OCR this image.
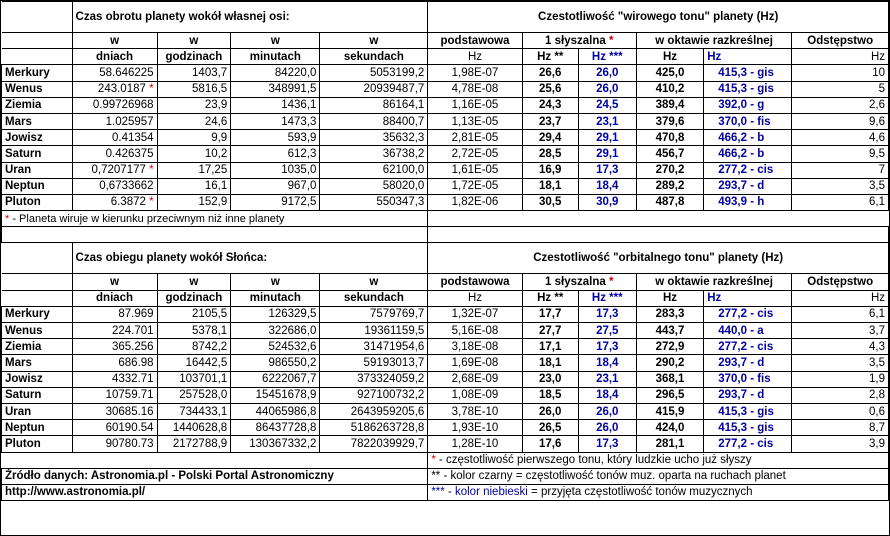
	Czas obrotu planety wokół własnej osi:				Czestotliwość "wirowego tonu" planety (Hz)					
	w	w	w	w	podstawowa	1 słyszalna *		w oktawie razkreślnej		Odstępstwo
	dniach	godzinach	minutach	sekundach	Hz	Hz **	Hz ***	Hz	Hz	Hz
Merkury	58.646225	1403,7	84220,0	5053199,2	1,98E-07	26,6	26,0	425,0	415,3 - gis	10
Wenus	243.0187 *	5816,5	348991,5	20939487,7	4,78E-08	25,6	26,0	410,2	415,3 - gis	5
Ziemia	0.99726968	23,9	1436,1	86164,1	1,16E-05	24,3	24,5	389,4	392,0 - g	2,6
Mars	1.025957	24,6	1473,3	88400,7	1,13E-05	23,7	23,1	379,6	370,0 - fis	9,6
Jowisz	0.41354	9,9	593,9	35632,3	2,81E-05	29,4	29,1	470,8	466,2 - b	4,6
Saturn	0.426375	10,2	612,3	36738,2	2,72E-05	28,5	29,1	456,7	466,2 - b	9,5
Uran	0,7207177 *	17,25	1035,0	62100,0	1,61E-05	16,9	17,3	270,2	277,2 - cis	7
Neptun	0,6733662	16,1	967,0	58020,0	1,72E-05	18,1	18,4	289,2	293,7 - d	3,5
Pluton	6.3872 *	152,9	9172,5	550347,3	1,82E-06	30,5	30,9	487,8	493,9 - h	6,1
* - Planeta wiruje w kierunku przeciwnym niż inne planety										

	Czas obiegu planety wokół Słońca:				Czestotliwość "orbitalnego tonu" planety (Hz)					
	w	w	w	w	podstawowa	1 słyszalna *		w oktawie razkreślnej		Odstępstwo
	dniach	godzinach	minutach	sekundach	Hz	Hz **	Hz ***	Hz	Hz	Hz
Merkury	87.969	2105,5	126329,5	7579769,7	1,32E-07	17,7	17,3	283,3	277,2 - cis	6,1
Wenus	224.701	5378,1	322686,0	19361159,5	5,16E-08	27,7	27,5	443,7	440,0 - a	3,7
Ziemia	365.256	8742,2	524532,6	31471954,6	3,18E-08	17,1	17,3	272,9	277,2 - cis	4,3
Mars	686.98	16442,5	986550,2	59193013,7	1,69E-08	18,1	18,4	290,2	293,7 - d	3,5
Jowisz	4332.71	103701,1	6222067,7	373324059,2	2,68E-09	23,0	23,1	368,1	370,0 - fis	1,9
Saturn	10759.71	257528,0	15451678,9	927100732,2	1,08E-09	18,5	18,4	296,5	293,7 - d	2,8
Uran	30685.16	734433,1	44065986,8	2643959205,6	3,78E-10	26,0	26,0	415,9	415,3 - gis	0,6
Neptun	60190.54	1440628,8	86437728,8	5186263728,8	1,93E-10	26,5	26,0	424,0	415,3 - gis	8,7
Pluton	90780.73	2172788,9	130367332,2	7822039929,7	1,28E-10	17,6	17,3	281,1	277,2 - cis	3,9
					* - częstotliwość pierwszego tonu, który ludzkie ucho już słyszy					
Źródło danych: Astronomia.pl - Polski Portal Astronomiczny					** - kolor czarny = częstotliwość tonów muz. oparta na ruchach planet					
http://www.astronomia.pl/					*** - kolor niebieski = przyjęta częstotliwość tonów muzycznych					
